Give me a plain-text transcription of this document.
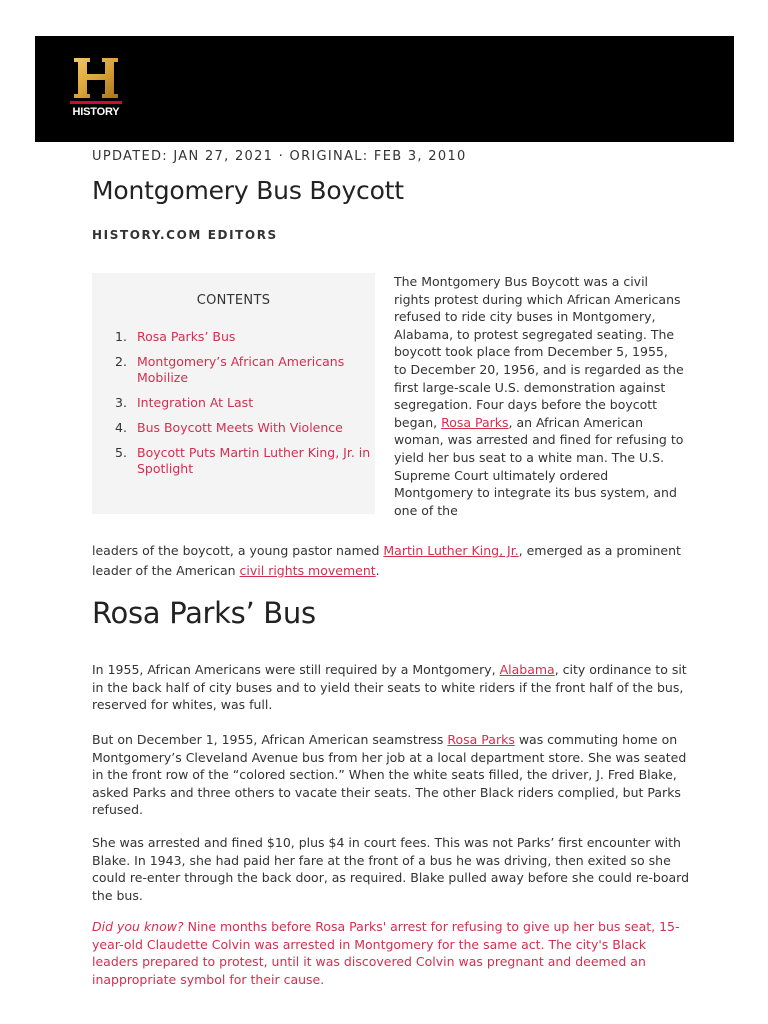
HISTORY
UPDATED: JAN 27, 2021 · ORIGINAL: FEB 3, 2010
Montgomery Bus Boycott
HISTORY.COM EDITORS
CONTENTS
1. Rosa Parks’ Bus
2. Montgomery’s African Americans Mobilize
3. Integration At Last
4. Bus Boycott Meets With Violence
5. Boycott Puts Martin Luther King, Jr. in Spotlight
The Montgomery Bus Boycott was a civil rights protest during which African Americans refused to ride city buses in Montgomery, Alabama, to protest segregated seating. The boycott took place from December 5, 1955, to December 20, 1956, and is regarded as the first large-scale U.S. demonstration against segregation. Four days before the boycott began, Rosa Parks, an African American woman, was arrested and fined for refusing to yield her bus seat to a white man. The U.S. Supreme Court ultimately ordered Montgomery to integrate its bus system, and one of the
leaders of the boycott, a young pastor named Martin Luther King, Jr., emerged as a prominent leader of the American civil rights movement.
Rosa Parks’ Bus

In 1955, African Americans were still required by a Montgomery, Alabama, city ordinance to sit in the back half of city buses and to yield their seats to white riders if the front half of the bus, reserved for whites, was full.

But on December 1, 1955, African American seamstress Rosa Parks was commuting home on Montgomery’s Cleveland Avenue bus from her job at a local department store. She was seated in the front row of the “colored section.” When the white seats filled, the driver, J. Fred Blake, asked Parks and three others to vacate their seats. The other Black riders complied, but Parks refused.

She was arrested and fined $10, plus $4 in court fees. This was not Parks’ first encounter with Blake. In 1943, she had paid her fare at the front of a bus he was driving, then exited so she could re-enter through the back door, as required. Blake pulled away before she could re-board the bus.

Did you know? Nine months before Rosa Parks' arrest for refusing to give up her bus seat, 15-year-old Claudette Colvin was arrested in Montgomery for the same act. The city's Black leaders prepared to protest, until it was discovered Colvin was pregnant and deemed an inappropriate symbol for their cause.
